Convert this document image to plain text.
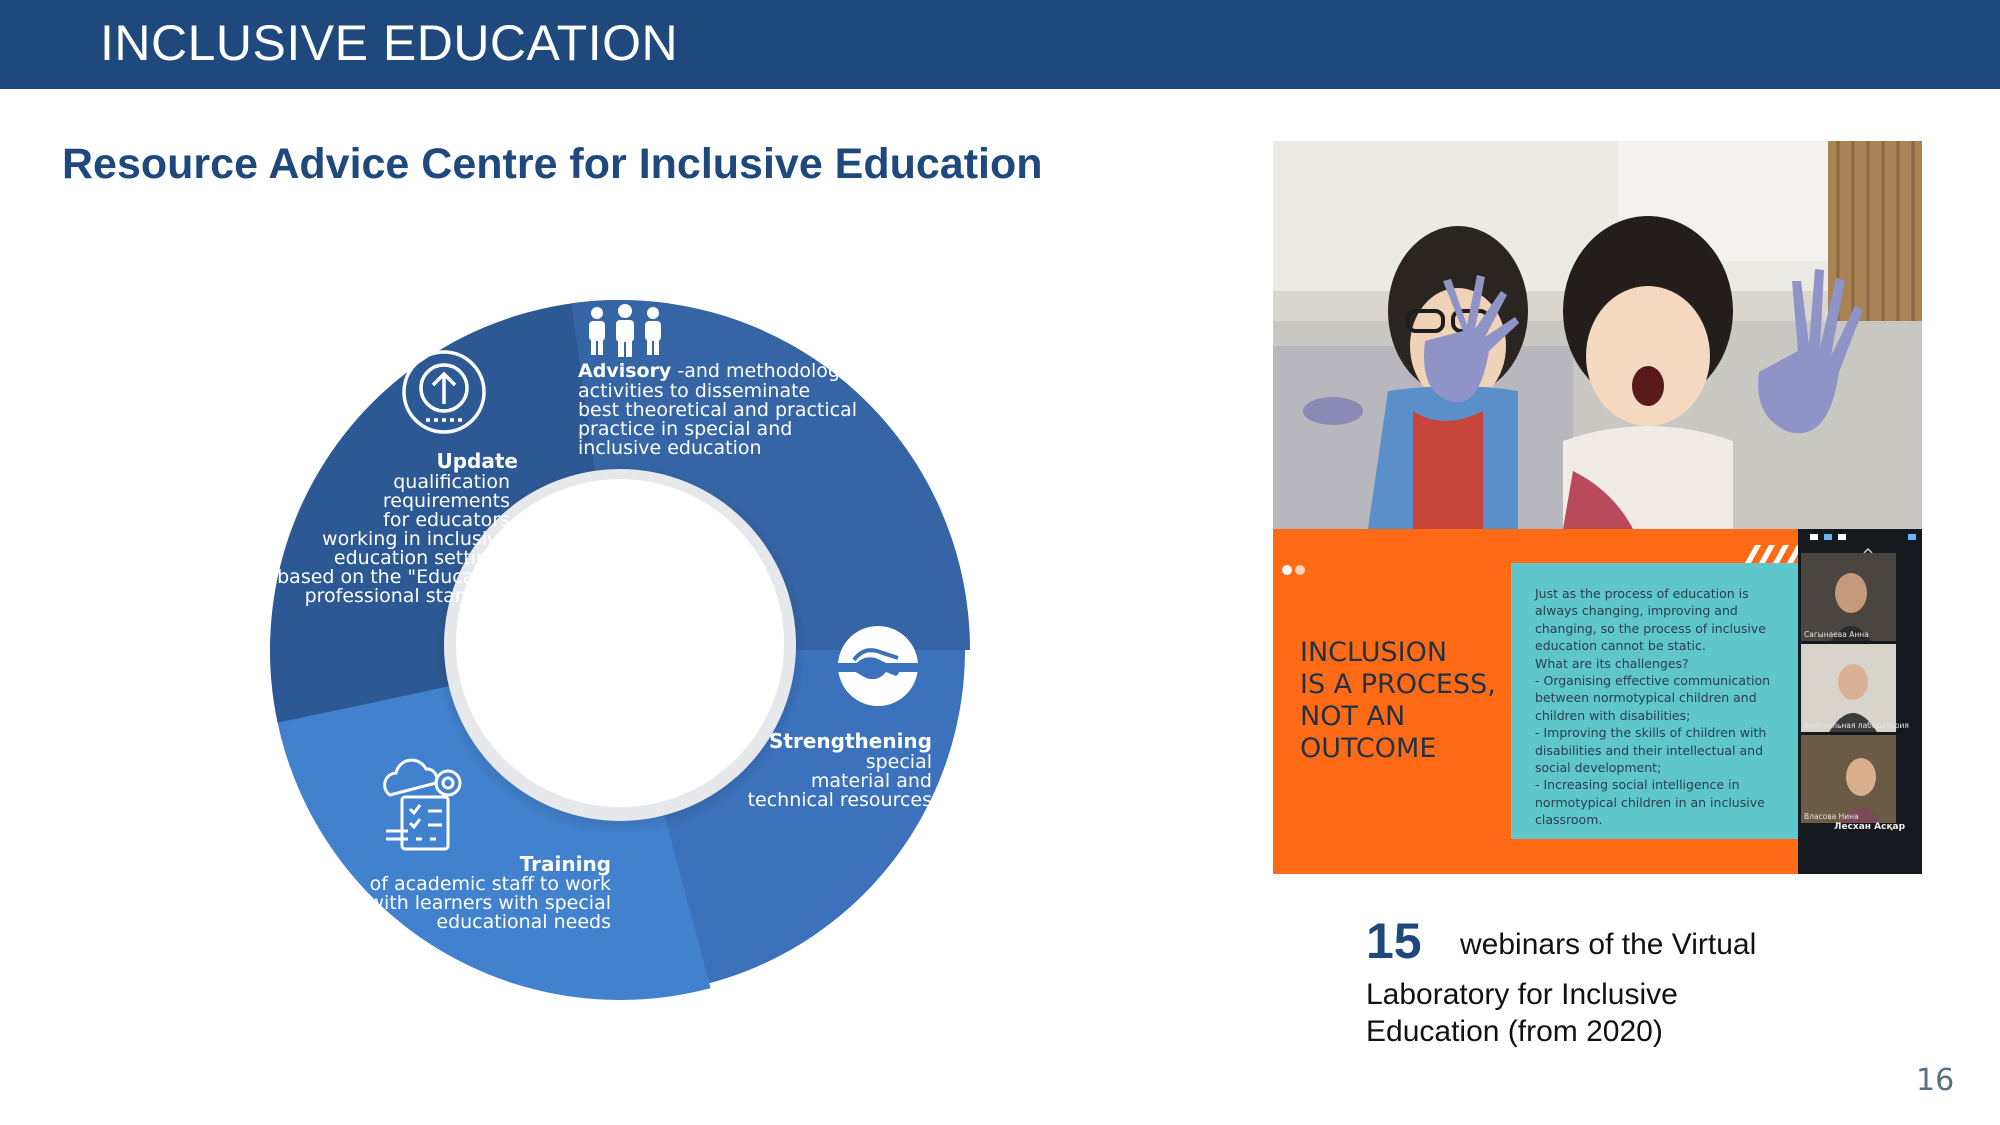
INCLUSIVE EDUCATION
Resource Advice Centre for Inclusive Education
Direction of
activities
Advisory -and methodological
activities to disseminate
best theoretical and practical
practice in special and
inclusive education
Update
qualification
requirements
for educators
working in inclusive
education settings
based on the "Educator"
professional standard
Strengthening
special
material and
technical resources
Training
of academic staff to work
with learners with special
educational needs
INCLUSION
IS A PROCESS,
NOT AN
OUTCOME
Just as the process of education is
always changing, improving and
changing, so the process of inclusive
education cannot be static.
What are its challenges?
- Organising effective communication
between normotypical children and
children with disabilities;
- Improving the skills of children with
disabilities and their intellectual and
social development;
- Increasing social intelligence in
normotypical children in an inclusive
classroom.
Сагынаева Анна
Виртуальная лаборатория
Власова Нина
Лесхан Асқар
15 webinars of the Virtual
Laboratory for Inclusive Education (from 2020)
16
